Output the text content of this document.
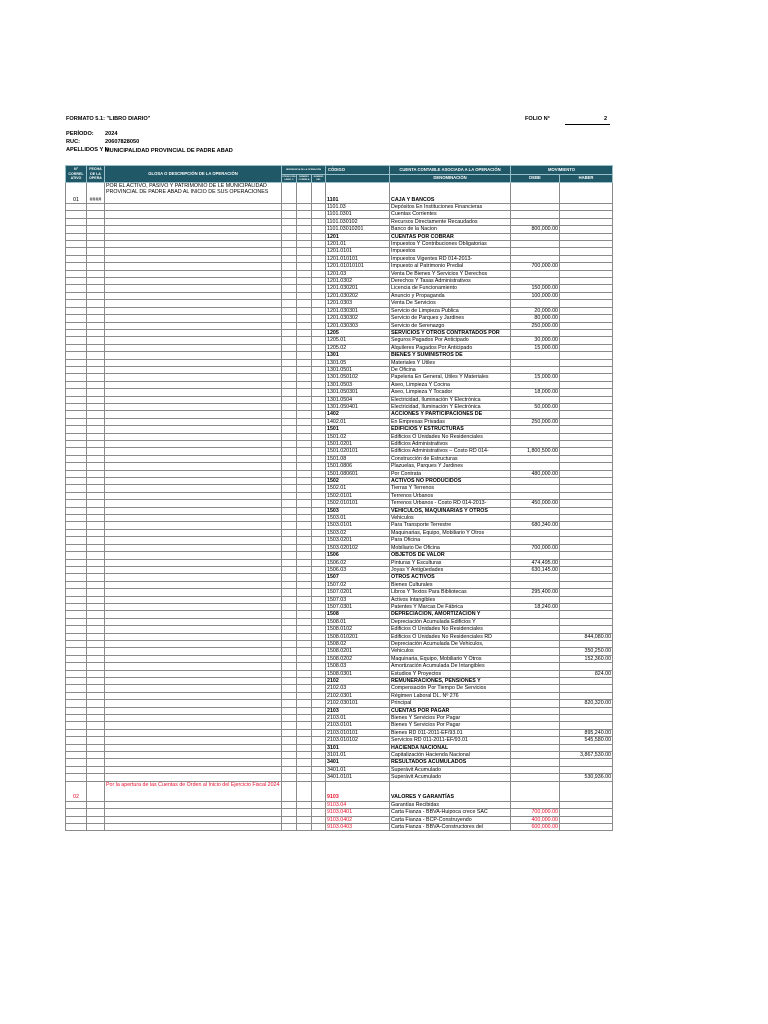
FORMATO 5.1: "LIBRO DIARIO"	FOLIO N°	2
PERÍODO: 2024
RUC:	20607828050
APELLIDOS Y N
MUNICIPALIDAD PROVINCIAL DE PADRE ABAD
N° CORREL ATIVO	FECHA DE LA OPERA	GLOSA O DESCRIPCIÓN DE LA OPERACIÓN	REFERENCIA DE LA OPERACIÓN			CÓDIGO	CUENTA CONTABLE ASOCIADA A LA OPERACIÓN	MOVIMIENTO	
			CÓDIGO DEL LIBRO O	NÚMERO CORRELA	NÚMERO DEL		DENOMINACIÓN	DEBE	HABER

01	####	POR EL ACTIVO, PASIVO Y PATRIMONIO DE LE MUNICIPALIDAD PROVINCIAL DE PADRE ABAD AL INICIO DE SUS OPERACIONES				1101	CAJA Y BANCOS		
						1101.03	Depósitos En Instituciones Financieras		
						1101.0301	Cuentas Corrientes		
						1101.030102	Recursos Directamente Recaudados		
						1101.03010201	Banco de la Nacion	800,000.00	
						1201	CUENTAS POR COBRAR		
						1201.01	Impuestos Y Contribuciones Obligatorias		
						1201.0101	Impuestos		
						1201.010101	Impuestos Vigentes RD 014-2013-		
						1201.01010101	Impuesto al Patrimonio Predial	700,000.00	
						1201.03	Venta De Bienes Y Servicios Y Derechos		
						1201.0302	Derechos Y Tasas Administrativos		
						1201.030201	Licencia de Funcionamiento	150,000.00	
						1201.030202	Anuncio y Propaganda	100,000.00	
						1201.0303	Venta De Servicios		
						1201.030301	Servicio de Limpieza Publica	20,000.00	
						1201.030302	Servicio de Parques y Jardines	80,000.00	
						1201.030303	Servicio de Serenazgo	250,000.00	
						1205	SERVICIOS Y OTROS CONTRATADOS POR		
						1205.01	Seguros Pagados Por Anticipado	30,000.00	
						1205.02	Alquileres Pagados Por Anticipado	15,000.00	
						1301	BIENES Y SUMINISTROS DE		
						1301.05	Materiales Y Utiles		
						1301.0501	De Oficina		
						1301.050102	Papeleria En General, Utiles Y Materiales	15,000.00	
						1301.0503	Aseo, Limpieza Y Cocina		
						1301.050301	Aseo, Limpieza Y Tocador	18,000.00	
						1301.0504	Electricidad, Iluminación Y Electrónica		
						1301.050401	Electricidad, Iluminación Y Electrónica	50,000.00	
						1402	ACCIONES Y PARTICIPACIONES DE		
						1402.01	En Empresas Privadas	250,000.00	
						1501	EDIFICIOS Y ESTRUCTURAS		
						1501.02	Edificios O Unidades No Residenciales		
						1501.0201	Edificios Administrativos		
						1501.020101	Edificios Administrativos – Costo RD 014-	1,800,500.00	
						1501.08	Construcción de Estructuras		
						1501.0806	Plazuelas, Parques Y Jardines		
						1501.080601	Por Contrata	480,000.00	
						1502	ACTIVOS NO PRODUCIDOS		
						1502.01	Tierras Y Terrenos		
						1502.0101	Terrenos Urbanos		
						1502.010101	Terrenos Urbanos - Costo RD 014-2013-	450,000.00	
						1503	VEHICULOS, MAQUINARIAS Y OTROS		
						1503.01	Vehiculos		
						1503.0101	Para Transporte Terrestre	680,340.00	
						1503.02	Maquinarias, Equipo, Mobiliario Y Otros		
						1503.0201	Para Oficina		
						1503.020102	Mobiliario De Oficina	700,000.00	
						1506	OBJETOS DE VALOR		
						1506.02	Pinturas Y Esculturas	474,495.00	
						1506.03	Joyas Y Antigüedades	630,145.00	
						1507	OTROS ACTIVOS		
						1507.02	Bienes Culturales		
						1507.0201	Libros Y Textos Para Bibliotecas	295,400.00	
						1507.03	Activos Intangibles		
						1507.0301	Patentes Y Marcas De Fábrica	18,240.00	
						1508	DEPRECIACION, AMORTIZACION Y		
						1508.01	Depreciación Acumulada Edificios Y		
						1508.0102	Edificios O Unidades No Residenciales		
						1508.010201	Edificios O Unidades No Residenciales RD		844,080.00
						1508.02	Depreciación Acumulada De Vehiculos,		
						1508.0201	Vehiculos		350,250.00
						1508.0202	Maquinaria, Equipo, Mobiliario Y Otros		152,360.00
						1508.03	Amortización Acumulada De Intangibles		
						1508.0301	Estudios Y Proyectos		824.00
						2102	REMUNERACIONES, PENSIONES Y		
						2102.03	Compensación Por Tiempo De Servicios		
						2102.0301	Régimen Laboral DL. Nº 276		
						2102.030101	Principal		820,320.00
						2103	CUENTAS POR PAGAR		
						2103.01	Bienes Y Servicios Por Pagar		
						2103.0101	Bienes Y Servicios Por Pagar		
						2103.010101	Bienes RD 011-2011-EF/93.01		895,240.00
						2103.010102	Servicios RD 011-2011-EF/93.01		545,580.00
						3101	HACIENDA NACIONAL		
						3101.01	Capitalización Hacienda Nacional		3,867,530.00
						3401	RESULTADOS ACUMULADOS		
						3401.01	Superávit Acumulado		
						3401.0101	Superávit Acumulado		530,936.00
02		Por la apertura de las Cuentas de Orden al Inicio del Ejercicio Fiscal 2024				9103	VALORES Y GARANTÍAS		
						9103.04	Garantías Recibidas		
						9103.0401	Carta Fianza - BBVA-Huipoca crece SAC	700,000.00	
						9103.0402	Carta Fianza - BCP-Construyendo	400,000.00	
						9103.0403	Carta Fianza - BBVA-Constructores del	600,000.00	
